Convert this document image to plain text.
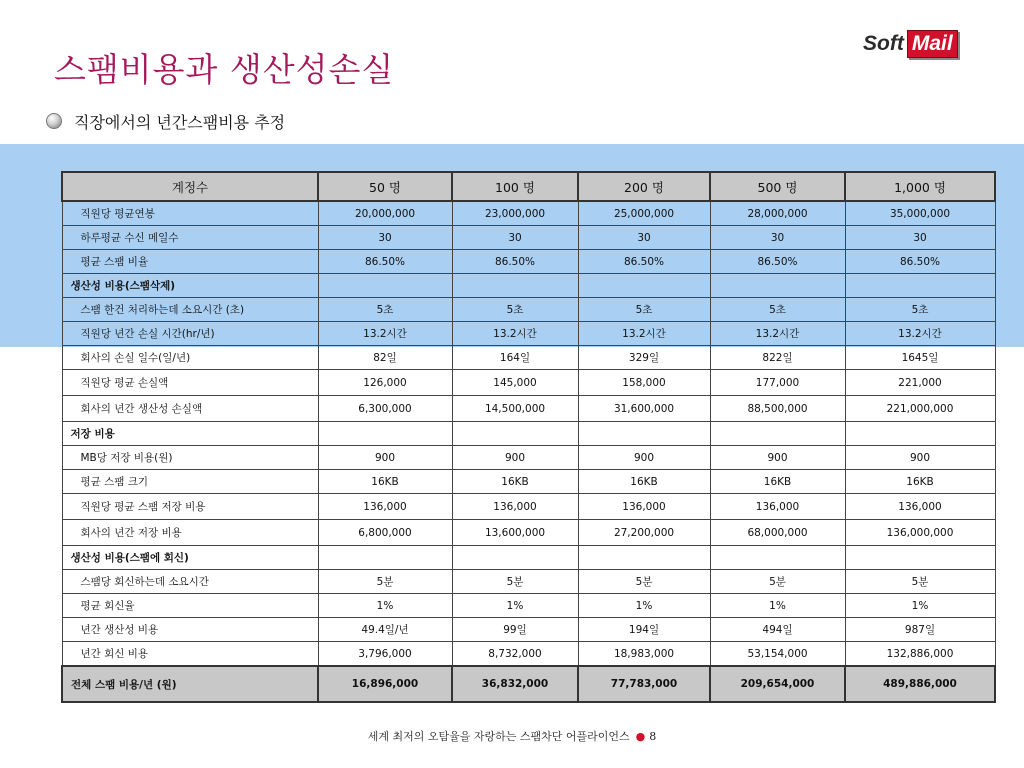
스팸비용과 생산성손실
Soft Mail
직장에서의 년간스팸비용 추정
계정수	50 명	100 명	200 명	500 명	1,000 명
직원당 평균연봉	20,000,000	23,000,000	25,000,000	28,000,000	35,000,000
하루평균 수신 메일수	30	30	30	30	30
평균 스팸 비율	86.50%	86.50%	86.50%	86.50%	86.50%
생산성 비용(스팸삭제)					
스팸 한건 처리하는데 소요시간 (초)	5초	5초	5초	5초	5초
직원당 년간 손실 시간(hr/년)	13.2시간	13.2시간	13.2시간	13.2시간	13.2시간
회사의 손실 일수(일/년)	82일	164일	329일	822일	1645일
직원당 평균 손실액	126,000	145,000	158,000	177,000	221,000
회사의 년간 생산성 손실액	6,300,000	14,500,000	31,600,000	88,500,000	221,000,000
저장 비용					
MB당 저장 비용(원)	900	900	900	900	900
평균 스팸 크기	16KB	16KB	16KB	16KB	16KB
직원당 평균 스팸 저장 비용	136,000	136,000	136,000	136,000	136,000
회사의 년간 저장 비용	6,800,000	13,600,000	27,200,000	68,000,000	136,000,000
생산성 비용(스팸에 회신)					
스팸당 회신하는데 소요시간	5분	5분	5분	5분	5분
평균 회신율	1%	1%	1%	1%	1%
년간 생산성 비용	49.4일/년	99일	194일	494일	987일
년간 회신 비용	3,796,000	8,732,000	18,983,000	53,154,000	132,886,000
전체 스팸 비용/년 (원)	16,896,000	36,832,000	77,783,000	209,654,000	489,886,000
세계 최저의 오탐율을 자랑하는 스팸차단 어플라이언스 ● 8
